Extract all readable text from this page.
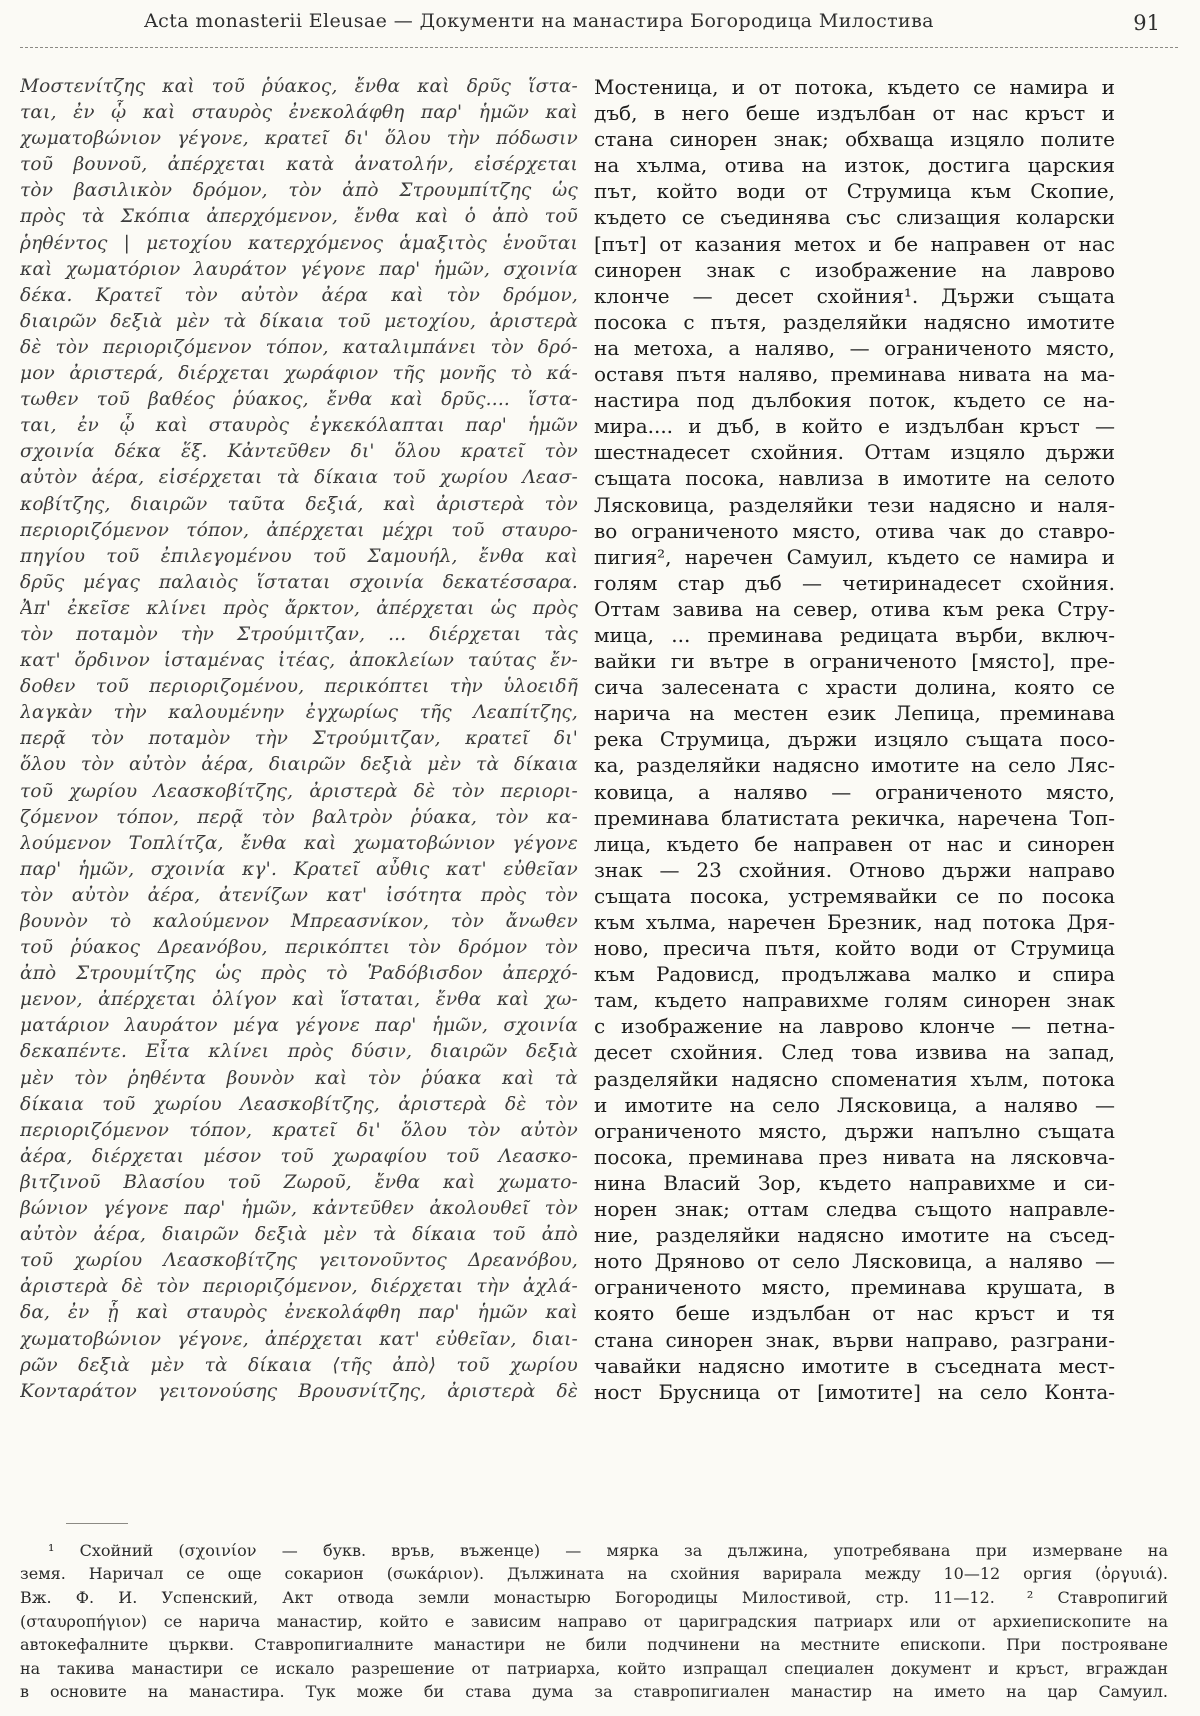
Acta monasterii Eleusae — Документи на манастира Богородица Милостива	91
Μοστενίτζης καὶ τοῦ ῥύακος, ἔνθα καὶ δρῦς ἵστα-
ται, ἐν ᾧ καὶ σταυρὸς ἐνεκολάφθη παρ' ἡμῶν καὶ
χωματοβώνιον γέγονε, κρατεῖ δι' ὅλου τὴν πόδωσιν
τοῦ βουνοῦ, ἀπέρχεται κατὰ ἀνατολήν, εἰσέρχεται
τὸν βασιλικὸν δρόμον, τὸν ἀπὸ Στρουμπίτζης ὡς
πρὸς τὰ Σκόπια ἀπερχόμενον, ἔνθα καὶ ὁ ἀπὸ τοῦ
ῥηθέντος | μετοχίου κατερχόμενος ἁμαξιτὸς ἑνοῦται
καὶ χωματόριον λαυράτον γέγονε παρ' ἡμῶν, σχοινία
δέκα. Κρατεῖ τὸν αὐτὸν ἀέρα καὶ τὸν δρόμον,
διαιρῶν δεξιὰ μὲν τὰ δίκαια τοῦ μετοχίου, ἀριστερὰ
δὲ τὸν περιοριζόμενον τόπον, καταλιμπάνει τὸν δρό-
μον ἀριστερά, διέρχεται χωράφιον τῆς μονῆς τὸ κά-
τωθεν τοῦ βαθέος ῥύακος, ἔνθα καὶ δρῦς.... ἵστα-
ται, ἐν ᾧ καὶ σταυρὸς ἐγκεκόλαπται παρ' ἡμῶν
σχοινία δέκα ἕξ. Κἀντεῦθεν δι' ὅλου κρατεῖ τὸν
αὐτὸν ἀέρα, εἰσέρχεται τὰ δίκαια τοῦ χωρίου Λεασ-
κοβίτζης, διαιρῶν ταῦτα δεξιά, καὶ ἀριστερὰ τὸν
περιοριζόμενον τόπον, ἀπέρχεται μέχρι τοῦ σταυρο-
πηγίου τοῦ ἐπιλεγομένου τοῦ Σαμουήλ, ἔνθα καὶ
δρῦς μέγας παλαιὸς ἵσταται σχοινία δεκατέσσαρα.
Ἀπ' ἐκεῖσε κλίνει πρὸς ἄρκτον, ἀπέρχεται ὡς πρὸς
τὸν ποταμὸν τὴν Στρούμιτζαν, ... διέρχεται τὰς
κατ' ὄρδινον ἱσταμένας ἰτέας, ἀποκλείων ταύτας ἔν-
δοθεν τοῦ περιοριζομένου, περικόπτει τὴν ὑλοειδῆ
λαγκὰν τὴν καλουμένην ἐγχωρίως τῆς Λεαπίτζης,
περᾷ τὸν ποταμὸν τὴν Στρούμιτζαν, κρατεῖ δι'
ὅλου τὸν αὐτὸν ἀέρα, διαιρῶν δεξιὰ μὲν τὰ δίκαια
τοῦ χωρίου Λεασκοβίτζης, ἀριστερὰ δὲ τὸν περιορι-
ζόμενον τόπον, περᾷ τὸν βαλτρὸν ῥύακα, τὸν κα-
λούμενον Τοπλίτζα, ἔνθα καὶ χωματοβώνιον γέγονε
παρ' ἡμῶν, σχοινία κγ'. Κρατεῖ αὖθις κατ' εὐθεῖαν
τὸν αὐτὸν ἀέρα, ἀτενίζων κατ' ἰσότητα πρὸς τὸν
βουνὸν τὸ καλούμενον Μπρεασνίκον, τὸν ἄνωθεν
τοῦ ῥύακος Δρεανόβου, περικόπτει τὸν δρόμον τὸν
ἀπὸ Στρουμίτζης ὡς πρὸς τὸ Ῥαδόβισδον ἀπερχό-
μενον, ἀπέρχεται ὀλίγον καὶ ἵσταται, ἔνθα καὶ χω-
ματάριον λαυράτον μέγα γέγονε παρ' ἡμῶν, σχοινία
δεκαπέντε. Εἶτα κλίνει πρὸς δύσιν, διαιρῶν δεξιὰ
μὲν τὸν ῥηθέντα βουνὸν καὶ τὸν ῥύακα καὶ τὰ
δίκαια τοῦ χωρίου Λεασκοβίτζης, ἀριστερὰ δὲ τὸν
περιοριζόμενον τόπον, κρατεῖ δι' ὅλου τὸν αὐτὸν
ἀέρα, διέρχεται μέσον τοῦ χωραφίου τοῦ Λεασκο-
βιτζινοῦ Βλασίου τοῦ Ζωροῦ, ἔνθα καὶ χωματο-
βώνιον γέγονε παρ' ἡμῶν, κἀντεῦθεν ἀκολουθεῖ τὸν
αὐτὸν ἀέρα, διαιρῶν δεξιὰ μὲν τὰ δίκαια τοῦ ἀπὸ
τοῦ χωρίου Λεασκοβίτζης γειτονοῦντος Δρεανόβου,
ἀριστερὰ δὲ τὸν περιοριζόμενον, διέρχεται τὴν ἀχλά-
δα, ἐν ᾗ καὶ σταυρὸς ἐνεκολάφθη παρ' ἡμῶν καὶ
χωματοβώνιον γέγονε, ἀπέρχεται κατ' εὐθεῖαν, διαι-
ρῶν δεξιὰ μὲν τὰ δίκαια ⟨τῆς ἀπὸ⟩ τοῦ χωρίου
Κονταράτον γειτονούσης Βρουσνίτζης, ἀριστερὰ δὲ
Мостеница, и от потока, където се намира и
дъб, в него беше издълбан от нас кръст и
стана синорен знак; обхваща изцяло полите
на хълма, отива на изток, достига царския
път, който води от Струмица към Скопие,
където се съединява със слизащия коларски
[път] от казания метох и бе направен от нас
синорен знак с изображение на лаврово
клонче — десет схойния¹. Държи същата
посока с пътя, разделяйки надясно имотите
на метоха, а наляво, — ограниченото място,
оставя пътя наляво, преминава нивата на ма-
настира под дълбокия поток, където се на-
мира.... и дъб, в който е издълбан кръст —
шестнадесет схойния. Оттам изцяло държи
същата посока, навлиза в имотите на селото
Лясковица, разделяйки тези надясно и наля-
во ограниченото място, отива чак до ставро-
пигия², наречен Самуил, където се намира и
голям стар дъб — четиринадесет схойния.
Оттам завива на север, отива към река Стру-
мица, ... преминава редицата върби, включ-
вайки ги вътре в ограниченото [място], пре-
сича залесената с храсти долина, която се
нарича на местен език Лепица, преминава
река Струмица, държи изцяло същата посо-
ка, разделяйки надясно имотите на село Ляс-
ковица, а наляво — ограниченото място,
преминава блатистата рекичка, наречена Топ-
лица, където бе направен от нас и синорен
знак — 23 схойния. Отново държи направо
същата посока, устремявайки се по посока
към хълма, наречен Брезник, над потока Дря-
ново, пресича пътя, който води от Струмица
към Радовисд, продължава малко и спира
там, където направихме голям синорен знак
с изображение на лаврово клонче — петна-
десет схойния. След това извива на запад,
разделяйки надясно споменатия хълм, потока
и имотите на село Лясковица, а наляво —
ограниченото място, държи напълно същата
посока, преминава през нивата на лясковча-
нина Власий Зор, където направихме и си-
норен знак; оттам следва същото направле-
ние, разделяйки надясно имотите на съсед-
ното Дряново от село Лясковица, а наляво —
ограниченото място, преминава крушата, в
която беше издълбан от нас кръст и тя
стана синорен знак, върви направо, разграни-
чавайки надясно имотите в съседната мест-
ност Брусница от [имотите] на село Конта-
¹ Схойний (σχοινίον — букв. връв, въженце) — мярка за дължина, употребявана при измерване на
земя. Наричал се още сокарион (σωκάριον). Дължината на схойния варирала между 10—12 оргия (ὀργυιά).
Вж. Ф. И. Успенский, Акт отвода земли монастырю Богородицы Милостивой, стр. 11—12.  ² Ставропигий
(σταυροπήγιον) се нарича манастир, който е зависим направо от цариградския патриарх или от архиепископите на
автокефалните църкви. Ставропигиалните манастири не били подчинени на местните епископи. При построяване
на такива манастири се искало разрешение от патриарха, който изпращал специален документ и кръст, вграждан
в основите на манастира. Тук може би става дума за ставропигиален манастир на името на цар Самуил.
